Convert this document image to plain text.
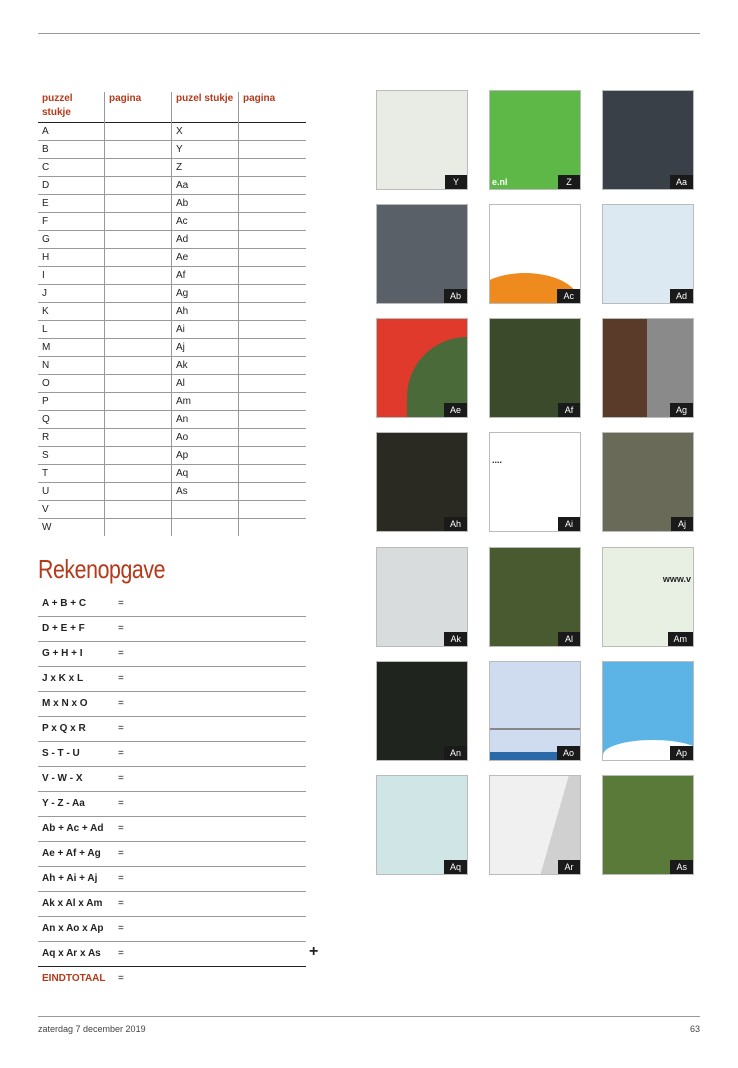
puzzel stukje	pagina	puzel stukje	pagina
A		X	
B		Y	
C		Z	
D		Aa	
E		Ab	
F		Ac	
G		Ad	
H		Ae	
I		Af	
J		Ag	
K		Ah	
L		Ai	
M		Aj	
N		Ak	
O		Al	
P		Am	
Q		An	
R		Ao	
S		Ap	
T		Aq	
U		As	
V			
W			
Rekenopgave
A + B + C	=
D + E + F	=
G + H + I	=
J x K x L	=
M x N x O	=
P x Q x R	=
S - T - U	=
V - W - X	=
Y - Z - Aa	=
Ab + Ac + Ad =
Ae + Af + Ag =
Ah + Ai + Aj =
Ak x Al x Am =
An x Ao x Ap =
Aq x Ar x As =
EINDTOTAAL =
+
Y	e.nl	Z	Aa
Ab	Ac	Ad
Ae	Af	Ag
Ah
....
Ai	Aj
Ak	Al
www.v
Am
An	Ao	Ap
Aq	Ar	As
zaterdag 7 december 2019	63
